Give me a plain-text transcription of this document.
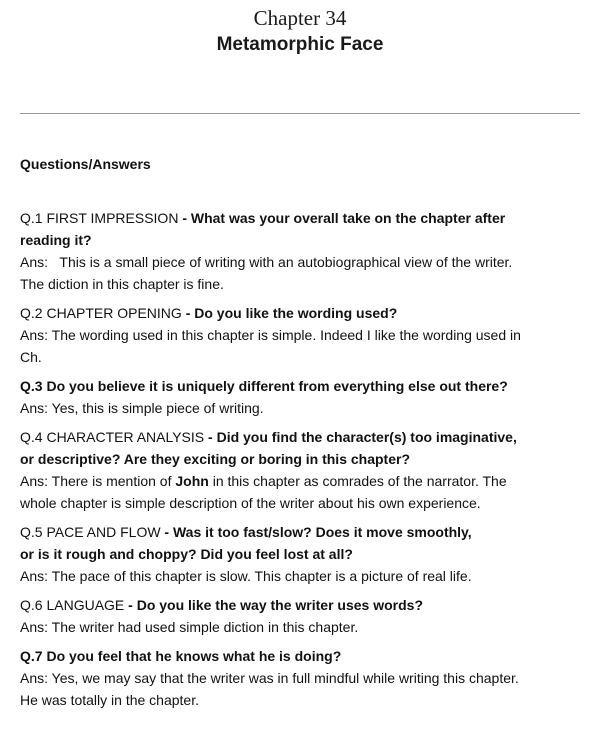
Chapter 34
Metamorphic Face
Questions/Answers
Q.1 FIRST IMPRESSION - What was your overall take on the chapter after
reading it?
Ans:   This is a small piece of writing with an autobiographical view of the writer.
The diction in this chapter is fine.
Q.2 CHAPTER OPENING - Do you like the wording used?
Ans: The wording used in this chapter is simple. Indeed I like the wording used in
Ch.
Q.3 Do you believe it is uniquely different from everything else out there?
Ans: Yes, this is simple piece of writing.
Q.4 CHARACTER ANALYSIS - Did you find the character(s) too imaginative,
or descriptive? Are they exciting or boring in this chapter?
Ans: There is mention of John in this chapter as comrades of the narrator. The
whole chapter is simple description of the writer about his own experience.
Q.5 PACE AND FLOW - Was it too fast/slow? Does it move smoothly,
or is it rough and choppy? Did you feel lost at all?
Ans: The pace of this chapter is slow. This chapter is a picture of real life.
Q.6 LANGUAGE - Do you like the way the writer uses words?
Ans: The writer had used simple diction in this chapter.
Q.7 Do you feel that he knows what he is doing?
Ans: Yes, we may say that the writer was in full mindful while writing this chapter.
He was totally in the chapter.
